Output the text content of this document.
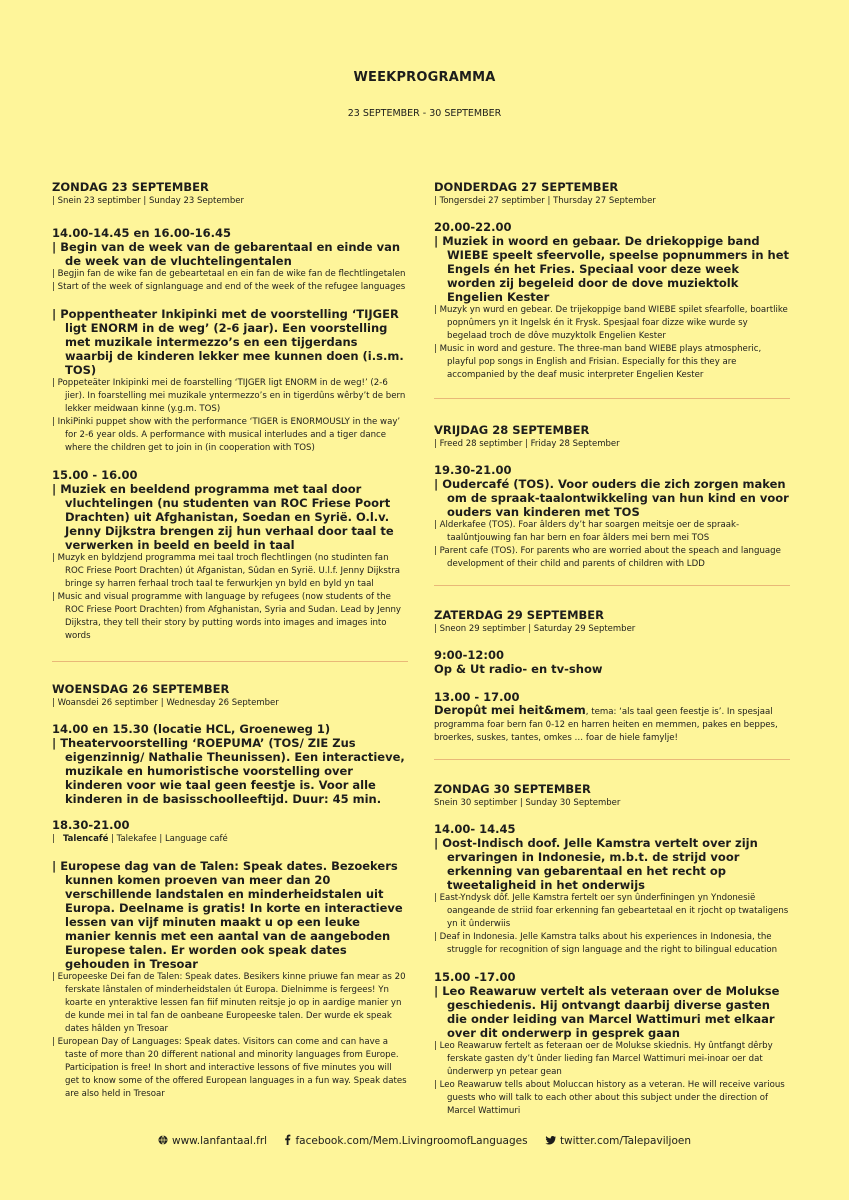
WEEKPROGRAMMA
23 SEPTEMBER - 30 SEPTEMBER

ZONDAG 23 SEPTEMBER

| Snein 23 septimber | Sunday 23 September

14.00-14.45 en 16.00-16.45

| Begin van de week van de gebarentaal en einde van de week van de vluchtelingentalen

| Begjin fan de wike fan de gebeartetaal en ein fan de wike fan de flechtlingetalen

| Start of the week of signlanguage and end of the week of the refugee languages

| Poppentheater Inkipinki met de voorstelling ‘TIJGER ligt ENORM in de weg’ (2-6 jaar). Een voorstelling met muzikale intermezzo’s en een tijgerdans waarbij de kinderen lekker mee kunnen doen (i.s.m. TOS)

| Poppeteäter Inkipinki mei de foarstelling ‘TIJGER ligt ENORM in de weg!’ (2-6 jier). In foarstelling mei muzikale yntermezzo’s en in tigerdûns wêrby’t de bern lekker meidwaan kinne (y.g.m. TOS)

| InkiPinki puppet show with the performance ‘TIGER is ENORMOUSLY in the way’ for 2-6 year olds. A performance with musical interludes and a tiger dance where the children get to join in (in cooperation with TOS)

15.00 - 16.00

| Muziek en beeldend programma met taal door vluchtelingen (nu studenten van ROC Friese Poort Drachten) uit Afghanistan, Soedan en Syrië. O.l.v. Jenny Dijkstra brengen zij hun verhaal door taal te verwerken in beeld en beeld in taal

| Muzyk en byldzjend programma mei taal troch flechtlingen (no studinten fan ROC Friese Poort Drachten) út Afganistan, Sûdan en Syrië. U.l.f. Jenny Dijkstra bringe sy harren ferhaal troch taal te ferwurkjen yn byld en byld yn taal

| Music and visual programme with language by refugees (now students of the ROC Friese Poort Drachten) from Afghanistan, Syria and Sudan. Lead by Jenny Dijkstra, they tell their story by putting words into images and images into words

WOENSDAG 26 SEPTEMBER

| Woansdei 26 septimber | Wednesday 26 September

14.00 en 15.30 (locatie HCL, Groeneweg 1)

| Theatervoorstelling ‘ROEPUMA’ (TOS/ ZIE Zus eigenzinnig/ Nathalie Theunissen). Een interactieve, muzikale en humoristische voorstelling over kinderen voor wie taal geen feestje is. Voor alle kinderen in de basisschoolleeftijd. Duur: 45 min.

18.30-21.00

|   Talencafé | Talekafee | Language café

| Europese dag van de Talen: Speak dates. Bezoekers kunnen komen proeven van meer dan 20 verschillende landstalen en minderheidstalen uit Europa. Deelname is gratis! In korte en interactieve lessen van vijf minuten maakt u op een leuke manier kennis met een aantal van de aangeboden Europese talen. Er worden ook speak dates gehouden in Tresoar

| Europeeske Dei fan de Talen: Speak dates. Besikers kinne priuwe fan mear as 20 ferskate lânstalen of minderheidstalen út Europa. Dielnimme is fergees! Yn koarte en ynteraktive lessen fan fiif minuten reitsje jo op in aardige manier yn de kunde mei in tal fan de oanbeane Europeeske talen. Der wurde ek speak dates hâlden yn Tresoar

| European Day of Languages: Speak dates. Visitors can come and can have a taste of more than 20 different national and minority languages from Europe. Participation is free! In short and interactive lessons of five minutes you will get to know some of the offered European languages in a fun way. Speak dates are also held in Tresoar

DONDERDAG 27 SEPTEMBER

| Tongersdei 27 septimber | Thursday 27 September

20.00-22.00

| Muziek in woord en gebaar. De driekoppige band WIEBE speelt sfeervolle, speelse popnummers in het Engels én het Fries. Speciaal voor deze week worden zij begeleid door de dove muziektolk Engelien Kester

| Muzyk yn wurd en gebear. De trijekoppige band WIEBE spilet sfearfolle, boartlike popnûmers yn it Ingelsk én it Frysk. Spesjaal foar dizze wike wurde sy begelaad troch de dôve muzyktolk Engelien Kester

| Music in word and gesture. The three-man band WIEBE plays atmospheric, playful pop songs in English and Frisian. Especially for this they are accompanied by the deaf music interpreter Engelien Kester

VRIJDAG 28 SEPTEMBER

| Freed 28 septimber | Friday 28 September

19.30-21.00

| Oudercafé (TOS). Voor ouders die zich zorgen maken om de spraak-taalontwikkeling van hun kind en voor ouders van kinderen met TOS

| Alderkafee (TOS). Foar âlders dy’t har soargen meitsje oer de spraak-taalûntjouwing fan har bern en foar âlders mei bern mei TOS

| Parent cafe (TOS). For parents who are worried about the speach and language development of their child and parents of children with LDD

ZATERDAG 29 SEPTEMBER

| Sneon 29 septimber | Saturday 29 September

9:00-12:00

Op & Ut radio- en tv-show

13.00 - 17.00

Deropût mei heit&mem, tema: ‘als taal geen feestje is’. In spesjaal programma foar bern fan 0-12 en harren heiten en memmen, pakes en beppes, broerkes, suskes, tantes, omkes … foar de hiele famylje!

ZONDAG 30 SEPTEMBER

Snein 30 septimber | Sunday 30 September

14.00- 14.45

| Oost-Indisch doof. Jelle Kamstra vertelt over zijn ervaringen in Indonesie, m.b.t. de strijd voor erkenning van gebarentaal en het recht op tweetaligheid in het onderwijs

| East-Yndysk dôf. Jelle Kamstra fertelt oer syn ûnderfiningen yn Yndonesië oangeande de striid foar erkenning fan gebeartetaal en it rjocht op twataligens yn it ûnderwiis

| Deaf in Indonesia. Jelle Kamstra talks about his experiences in Indonesia, the struggle for recognition of sign language and the right to bilingual education

15.00 -17.00

| Leo Reawaruw vertelt als veteraan over de Molukse geschiedenis. Hij ontvangt daarbij diverse gasten die onder leiding van Marcel Wattimuri met elkaar over dit onderwerp in gesprek gaan

| Leo Reawaruw fertelt as feteraan oer de Molukse skiednis. Hy ûntfangt dêrby ferskate gasten dy’t ûnder lieding fan Marcel Wattimuri mei-inoar oer dat ûnderwerp yn petear gean

| Leo Reawaruw tells about Moluccan history as a veteran. He will receive various guests who will talk to each other about this subject under the direction of Marcel Wattimuri

www.lanfantaal.frl	facebook.com/Mem.LivingroomofLanguages	twitter.com/Talepaviljoen
